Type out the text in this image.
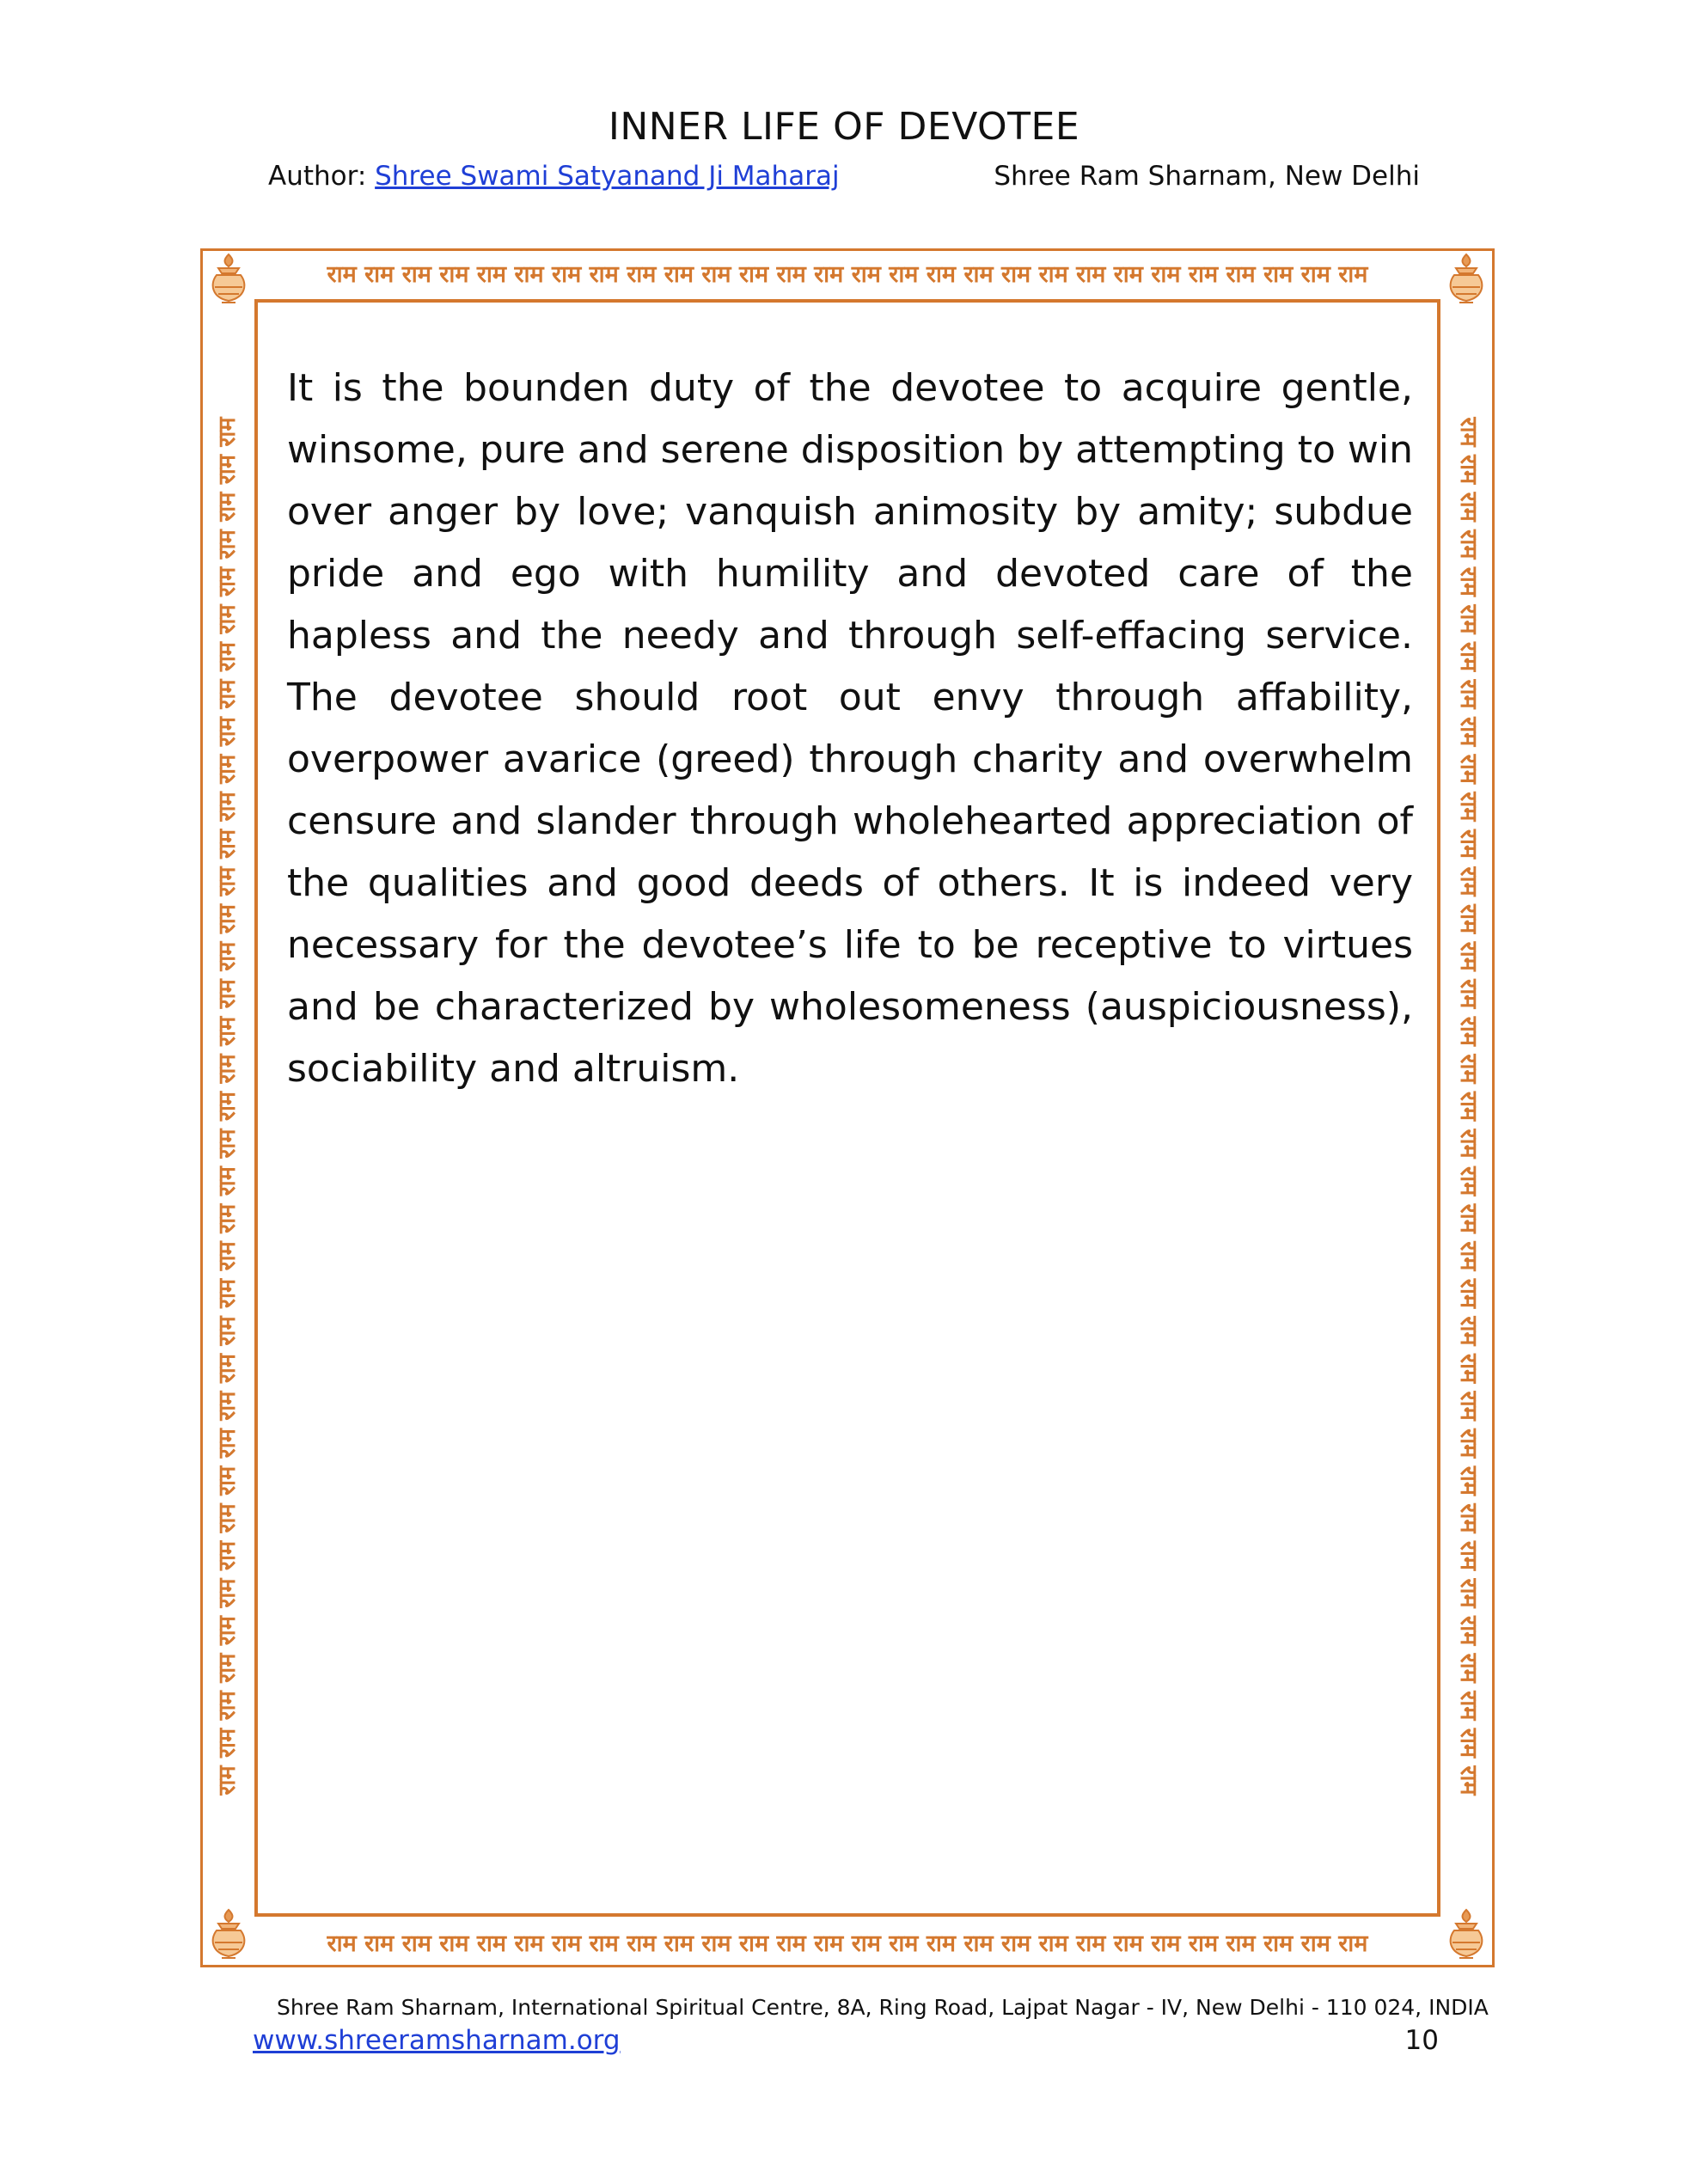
INNER LIFE OF DEVOTEE
Author: Shree Swami Satyanand Ji Maharaj	Shree Ram Sharnam, New Delhi
राम राम राम राम राम राम राम राम राम राम राम राम राम राम राम राम राम राम राम राम राम राम राम राम राम राम राम राम
राम राम राम राम राम राम राम राम राम राम राम राम राम राम राम राम राम राम राम राम राम राम राम राम राम राम राम राम
राम राम राम राम राम राम राम राम राम राम राम राम राम राम राम राम राम राम राम राम राम राम राम राम राम राम राम राम राम राम राम राम राम राम राम राम राम	राम राम राम राम राम राम राम राम राम राम राम राम राम राम राम राम राम राम राम राम राम राम राम राम राम राम राम राम राम राम राम राम राम राम राम राम राम

It is the bounden duty of the devotee to acquire gentle, winsome, pure and serene disposition by attempting to win over anger by love; vanquish animosity by amity; subdue pride and ego with humility and devoted care of the hapless and the needy and through self-effacing service. The devotee should root out envy through affability, overpower avarice (greed) through charity and overwhelm censure and slander through wholehearted appreciation of the qualities and good deeds of others. It is indeed very necessary for the devotee’s life to be receptive to virtues and be characterized by wholesomeness (auspiciousness), sociability and altruism.

Shree Ram Sharnam, International Spiritual Centre, 8A, Ring Road, Lajpat Nagar - IV, New Delhi - 110 024, INDIA
www.shreeramsharnam.org	10
